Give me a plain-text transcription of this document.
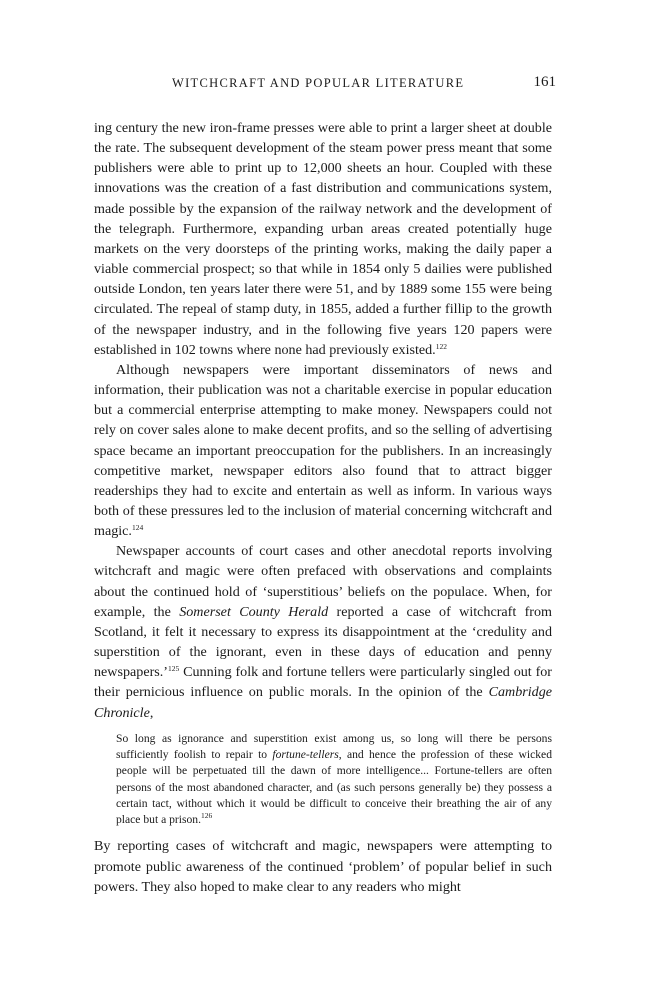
WITCHCRAFT AND POPULAR LITERATURE	161

ing century the new iron-frame presses were able to print a larger sheet at double the rate. The subsequent development of the steam power press meant that some publishers were able to print up to 12,000 sheets an hour. Coupled with these innovations was the creation of a fast distribution and communications system, made possible by the expansion of the railway network and the development of the telegraph. Furthermore, expanding urban areas created potentially huge markets on the very doorsteps of the printing works, making the daily paper a viable commercial prospect; so that while in 1854 only 5 dailies were published outside London, ten years later there were 51, and by 1889 some 155 were being circulated. The repeal of stamp duty, in 1855, added a further fillip to the growth of the newspaper industry, and in the following five years 120 papers were established in 102 towns where none had previously existed.$^{122}$

Although newspapers were important disseminators of news and information, their publication was not a charitable exercise in popular education but a commercial enterprise attempting to make money. Newspapers could not rely on cover sales alone to make decent profits, and so the selling of advertising space became an important preoccupation for the publishers. In an increasingly competitive market, newspaper editors also found that to attract bigger readerships they had to excite and entertain as well as inform. In various ways both of these pressures led to the inclusion of material concerning witchcraft and magic.$^{124}$

Newspaper accounts of court cases and other anecdotal reports involving witchcraft and magic were often prefaced with observations and complaints about the continued hold of ‘superstitious’ beliefs on the populace. When, for example, the Somerset County Herald reported a case of witchcraft from Scotland, it felt it necessary to express its disappointment at the ‘credulity and superstition of the ignorant, even in these days of education and penny newspapers.’$^{125}$ Cunning folk and fortune tellers were particularly singled out for their pernicious influence on public morals. In the opinion of the Cambridge Chronicle,

So long as ignorance and superstition exist among us, so long will there be persons sufficiently foolish to repair to fortune-tellers, and hence the profession of these wicked people will be perpetuated till the dawn of more intelligence... Fortune-tellers are often persons of the most abandoned character, and (as such persons generally be) they possess a certain tact, without which it would be difficult to conceive their breathing the air of any place but a prison.$^{126}$

By reporting cases of witchcraft and magic, newspapers were attempting to promote public awareness of the continued ‘problem’ of popular belief in such powers. They also hoped to make clear to any readers who might
